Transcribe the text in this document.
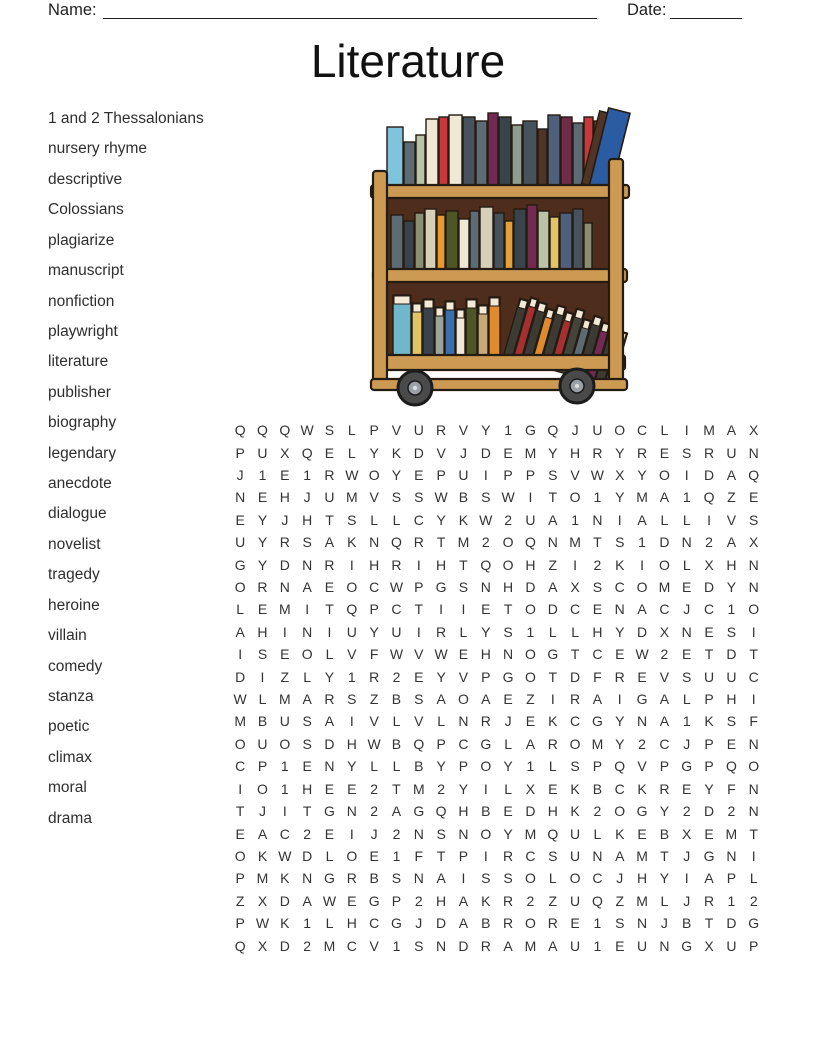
Name:	Date:
Literature
1 and 2 Thessalonians
nursery rhyme
descriptive
Colossians
plagiarize
manuscript
nonfiction
playwright
literature
publisher
biography
legendary
anecdote
dialogue
novelist
tragedy
heroine
villain
comedy
stanza
poetic
climax
moral
drama
Q Q Q W S L P V U R V Y 1 G Q J U O C L	I	M A X
P U X Q E L Y K D V	J D E M Y H R Y R E S R U N
J	1 E 1 R W O Y E P U	I	P P S V W X Y O	I	D A Q
N E H J U M V S S W B S W I	T O 1 Y M A 1 Q Z E
E Y	J H T S L	L C Y K W 2 U A 1 N	I	A L	L	I	V S
U Y R S A K N Q R T M 2 O Q N M T S 1 D N 2 A X
G Y D N R	I	H R	I	H T Q O H Z	I	2 K	I	O L X H N
O R N A E O C W P G S N H D A X S C O M E D Y N
L E M	I	T Q P C T	I	I	E T O D C E N A C J C 1 O
A H	I	N	I	U Y U	I	R L Y S 1	L	L H Y D X N E S	I
I	S E O L V F W V W E H N O G T C E W 2 E T D T
D	I	Z	L Y 1 R 2 E Y V P G O T D F R E V S U U C
W L M A R S Z B S A O A E Z	I	R A	I	G A L P H	I
M B U S A	I	V L V L N R J	E K C G Y N A 1 K S F
O U O S D H W B Q P C G L A R O M Y 2 C J	P E N
C P 1 E N Y L	L B Y P O Y 1	L S P Q V P G P Q O
I	O 1 H E E 2	T M 2 Y	I	L X E K B C K R E Y F N
T	J	I	T G N 2 A G Q H B E D H K 2 O G Y 2 D 2 N
E A C 2 E	I	J	2 N S N O Y M Q U L K E B X E M T
O K W D L O E 1	F T P	I	R C S U N A M T	J G N	I
P M K N G R B S N A	I	S S O L O C J H Y	I	A P L
Z X D A W E G P 2 H A K R 2	Z U Q Z M L	J R 1	2
P W K 1	L H C G J D A B R O R E 1 S N J	B T D G
Q X D 2 M C V 1 S N D R A M A U 1 E U N G X U P
